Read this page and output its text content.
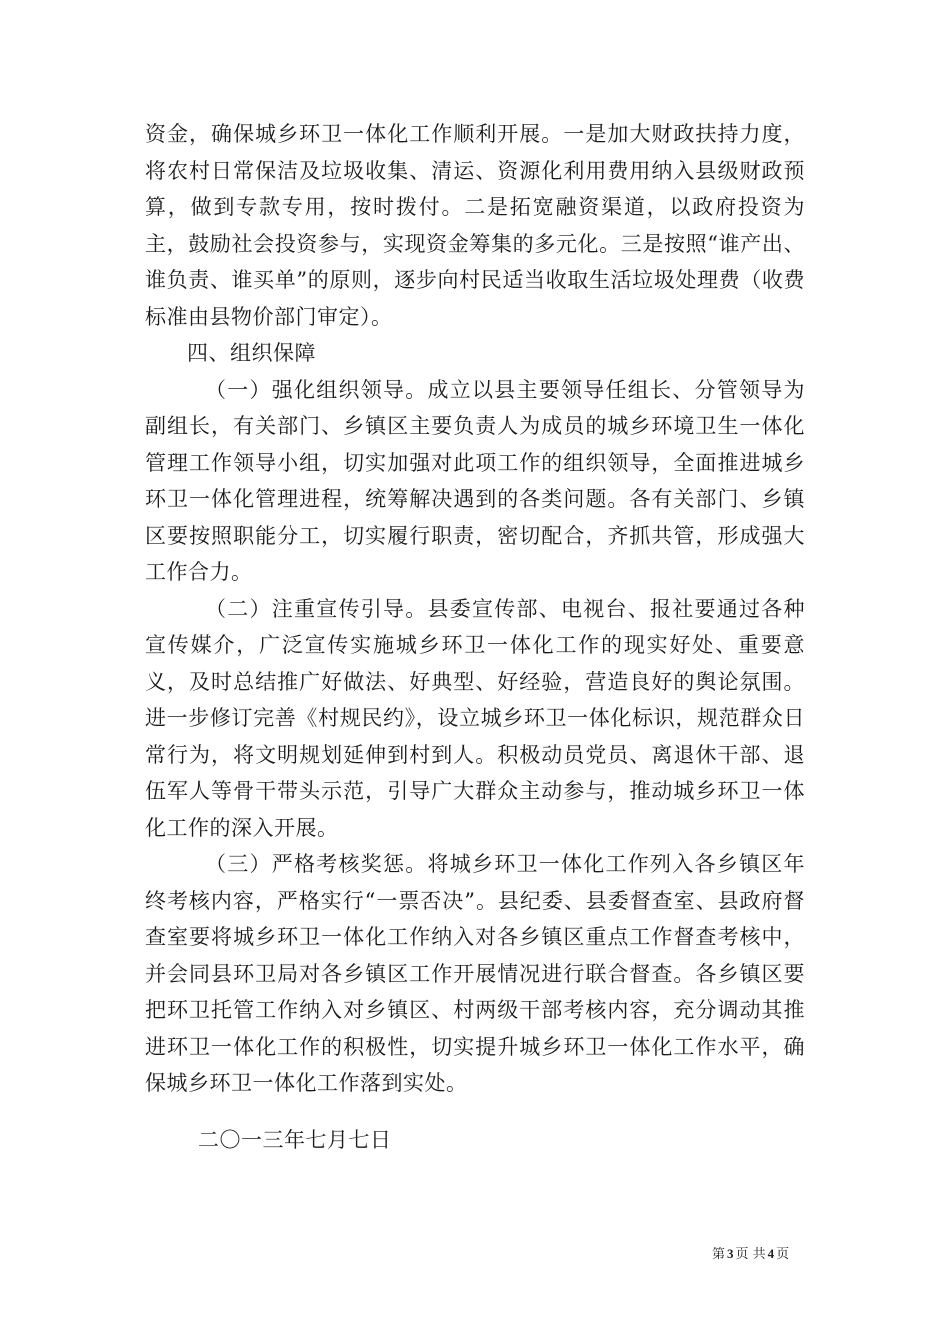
资金，确保城乡环卫一体化工作顺利开展。一是加大财政扶持力度，将农村日常保洁及垃圾收集、清运、资源化利用费用纳入县级财政预算，做到专款专用，按时拨付。二是拓宽融资渠道，以政府投资为主，鼓励社会投资参与，实现资金筹集的多元化。三是按照“谁产出、谁负责、谁买单”的原则，逐步向村民适当收取生活垃圾处理费（收费标准由县物价部门审定）。

四、组织保障

（一）强化组织领导。成立以县主要领导任组长、分管领导为副组长，有关部门、乡镇区主要负责人为成员的城乡环境卫生一体化管理工作领导小组，切实加强对此项工作的组织领导，全面推进城乡环卫一体化管理进程，统筹解决遇到的各类问题。各有关部门、乡镇区要按照职能分工，切实履行职责，密切配合，齐抓共管，形成强大工作合力。

（二）注重宣传引导。县委宣传部、电视台、报社要通过各种宣传媒介，广泛宣传实施城乡环卫一体化工作的现实好处、重要意义，及时总结推广好做法、好典型、好经验，营造良好的舆论氛围。进一步修订完善《村规民约》，设立城乡环卫一体化标识，规范群众日常行为，将文明规划延伸到村到人。积极动员党员、离退休干部、退伍军人等骨干带头示范，引导广大群众主动参与，推动城乡环卫一体化工作的深入开展。

（三）严格考核奖惩。将城乡环卫一体化工作列入各乡镇区年终考核内容，严格实行“一票否决”。县纪委、县委督查室、县政府督查室要将城乡环卫一体化工作纳入对各乡镇区重点工作督查考核中，并会同县环卫局对各乡镇区工作开展情况进行联合督查。各乡镇区要把环卫托管工作纳入对乡镇区、村两级干部考核内容，充分调动其推进环卫一体化工作的积极性，切实提升城乡环卫一体化工作水平，确保城乡环卫一体化工作落到实处。

二〇一三年七月七日
第 3 页 共 4 页
